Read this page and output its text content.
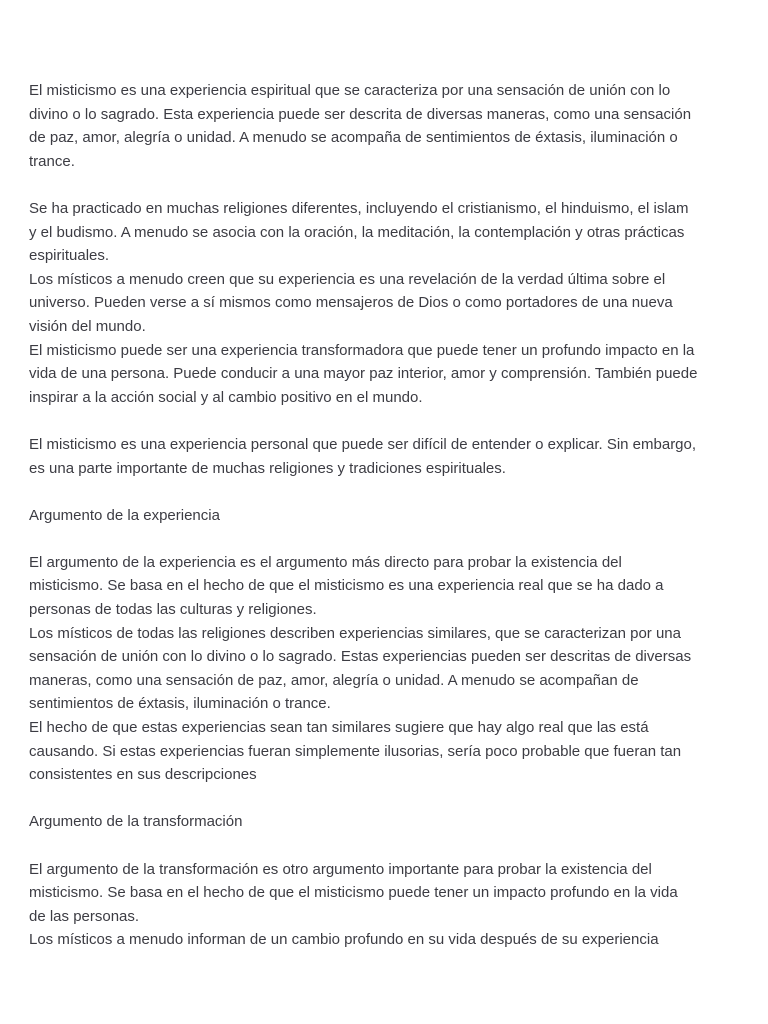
El misticismo es una experiencia espiritual que se caracteriza por una sensación de unión con lo
divino o lo sagrado. Esta experiencia puede ser descrita de diversas maneras, como una sensación
de paz, amor, alegría o unidad. A menudo se acompaña de sentimientos de éxtasis, iluminación o
trance.
Se ha practicado en muchas religiones diferentes, incluyendo el cristianismo, el hinduismo, el islam
y el budismo. A menudo se asocia con la oración, la meditación, la contemplación y otras prácticas
espirituales.
Los místicos a menudo creen que su experiencia es una revelación de la verdad última sobre el
universo. Pueden verse a sí mismos como mensajeros de Dios o como portadores de una nueva
visión del mundo.
El misticismo puede ser una experiencia transformadora que puede tener un profundo impacto en la
vida de una persona. Puede conducir a una mayor paz interior, amor y comprensión. También puede
inspirar a la acción social y al cambio positivo en el mundo.
El misticismo es una experiencia personal que puede ser difícil de entender o explicar. Sin embargo,
es una parte importante de muchas religiones y tradiciones espirituales.
Argumento de la experiencia
El argumento de la experiencia es el argumento más directo para probar la existencia del
misticismo. Se basa en el hecho de que el misticismo es una experiencia real que se ha dado a
personas de todas las culturas y religiones.
Los místicos de todas las religiones describen experiencias similares, que se caracterizan por una
sensación de unión con lo divino o lo sagrado. Estas experiencias pueden ser descritas de diversas
maneras, como una sensación de paz, amor, alegría o unidad. A menudo se acompañan de
sentimientos de éxtasis, iluminación o trance.
El hecho de que estas experiencias sean tan similares sugiere que hay algo real que las está
causando. Si estas experiencias fueran simplemente ilusorias, sería poco probable que fueran tan
consistentes en sus descripciones
Argumento de la transformación
El argumento de la transformación es otro argumento importante para probar la existencia del
misticismo. Se basa en el hecho de que el misticismo puede tener un impacto profundo en la vida
de las personas.
Los místicos a menudo informan de un cambio profundo en su vida después de su experiencia
